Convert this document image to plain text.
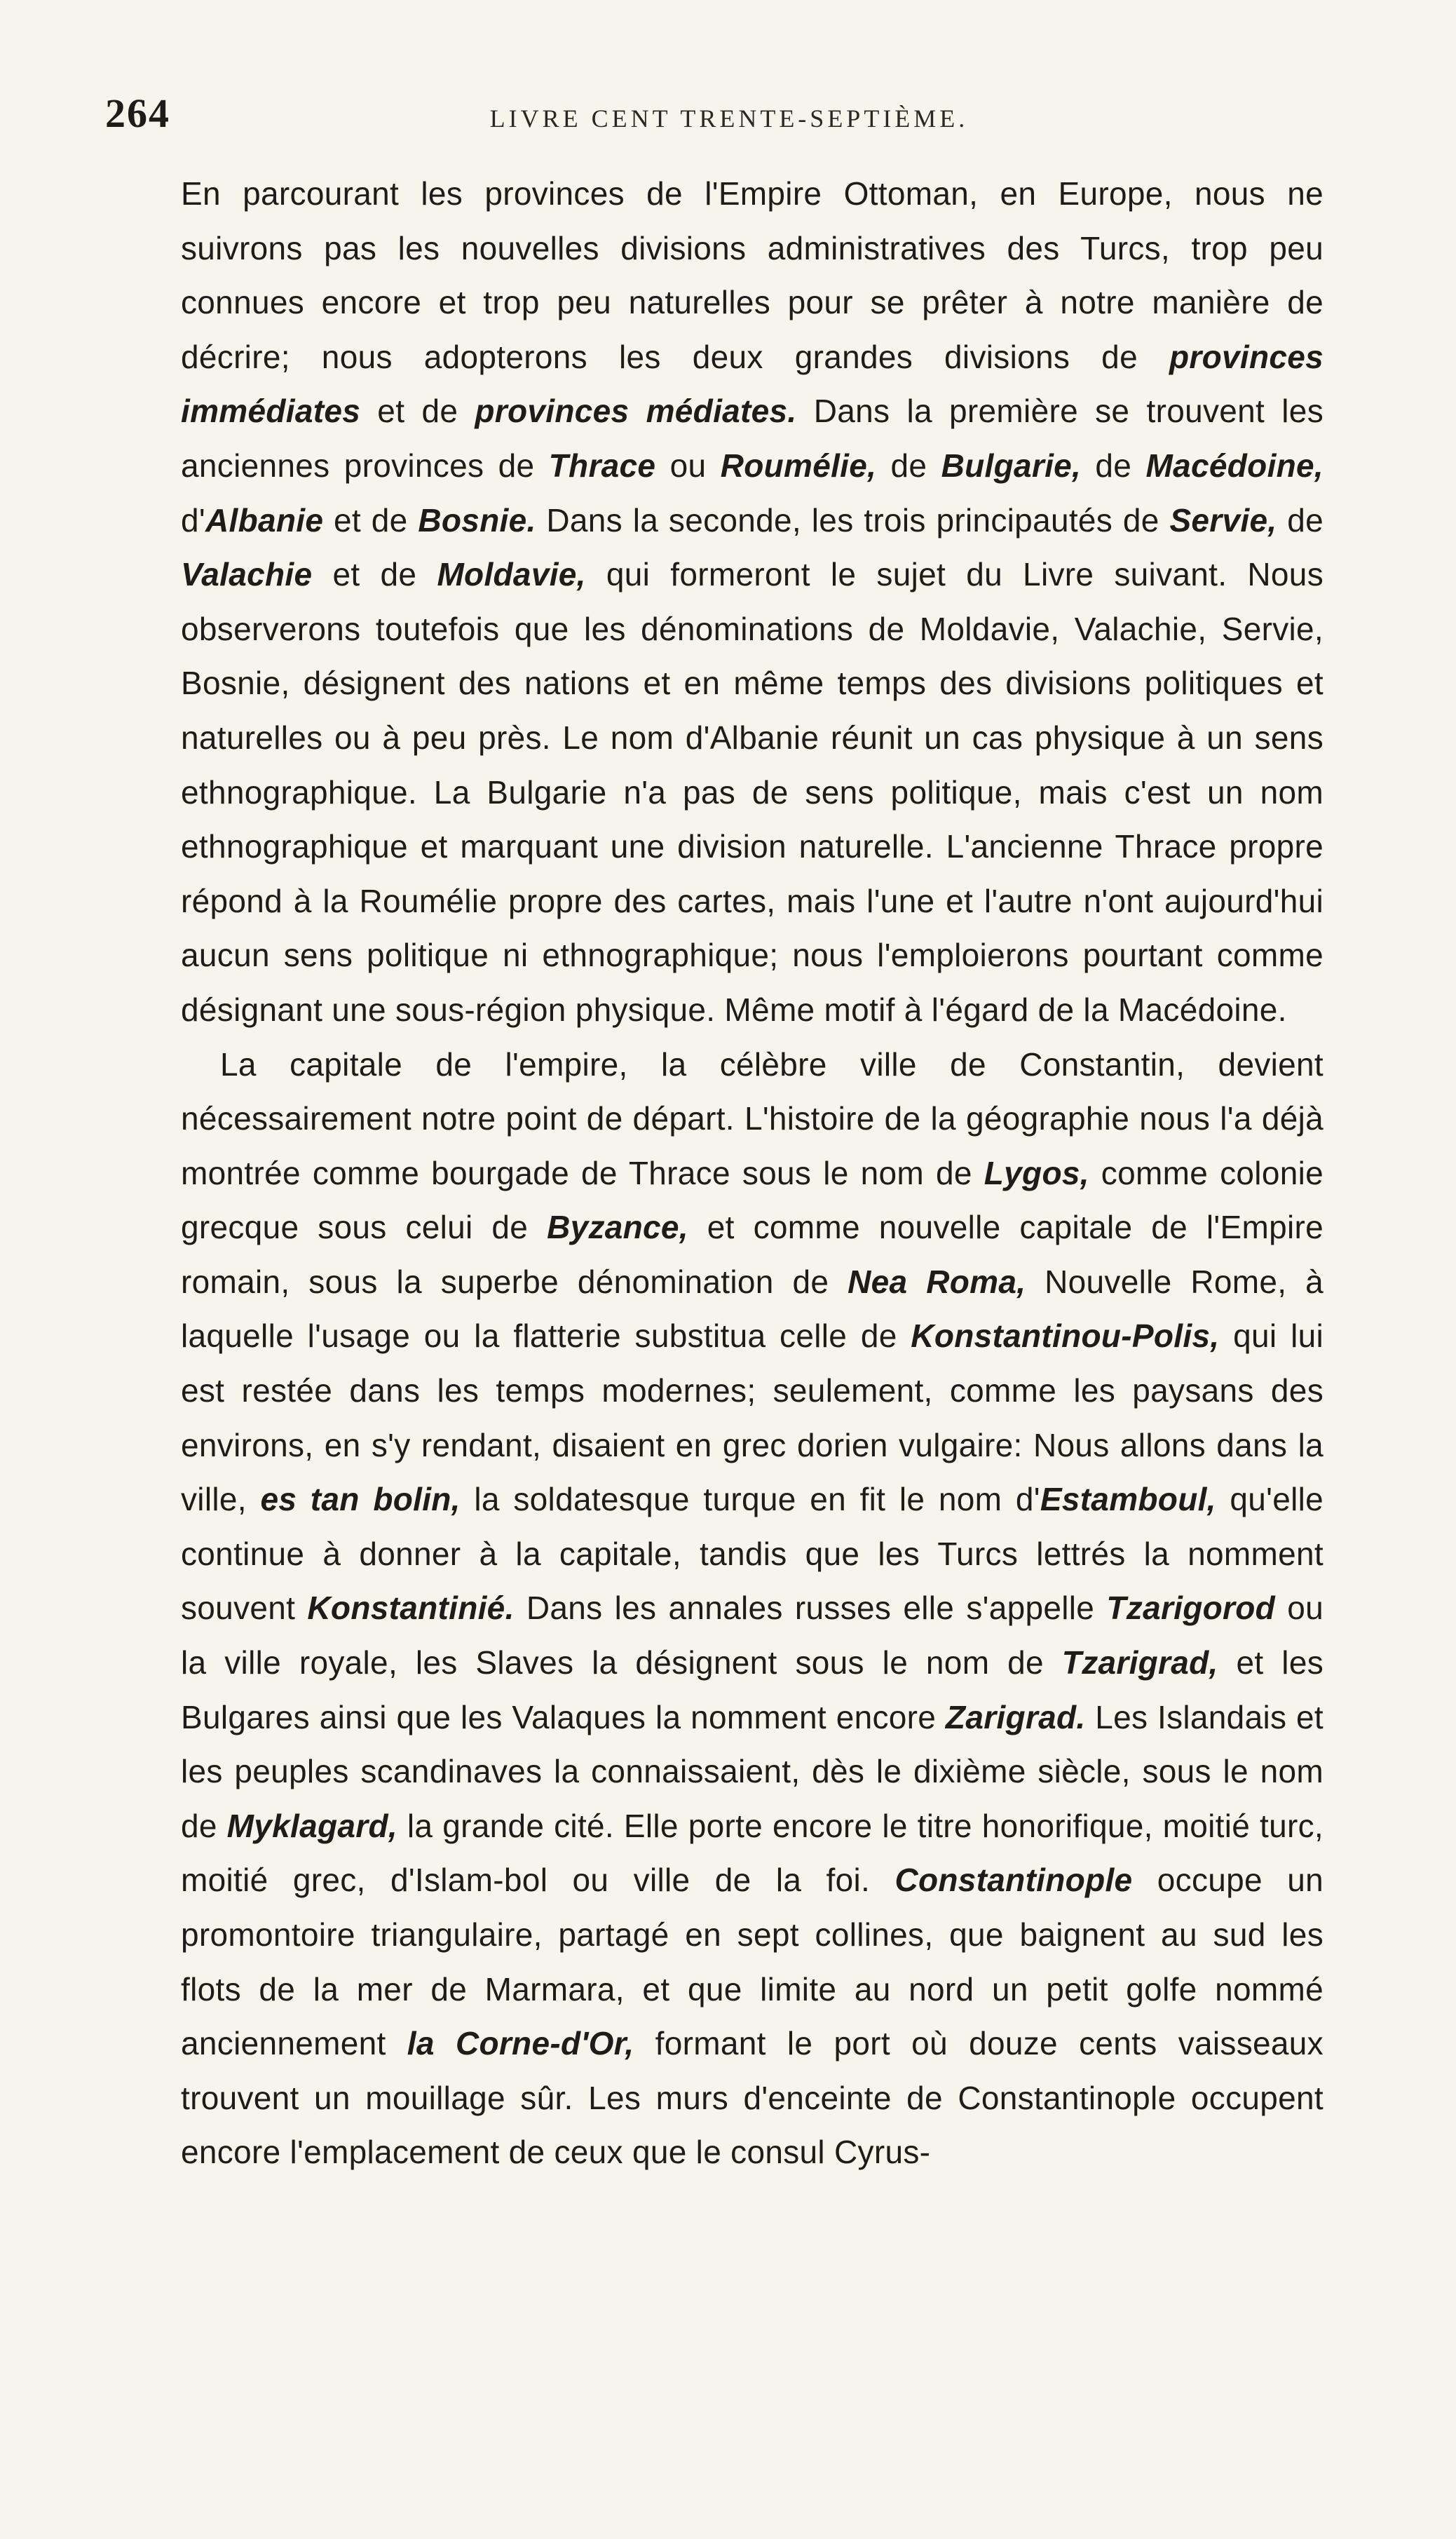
264	LIVRE CENT TRENTE-SEPTIÈME.

En parcourant les provinces de l'Empire Ottoman, en Europe, nous ne suivrons pas les nouvelles divisions administratives des Turcs, trop peu connues encore et trop peu naturelles pour se prêter à notre manière de décrire; nous adopterons les deux grandes divisions de provinces immédiates et de provinces médiates. Dans la première se trouvent les anciennes provinces de Thrace ou Roumélie, de Bulgarie, de Macédoine, d'Albanie et de Bosnie. Dans la seconde, les trois principautés de Servie, de Valachie et de Moldavie, qui formeront le sujet du Livre suivant. Nous observerons toutefois que les dénominations de Moldavie, Valachie, Servie, Bosnie, désignent des nations et en même temps des divisions politiques et naturelles ou à peu près. Le nom d'Albanie réunit un cas physique à un sens ethnographique. La Bulgarie n'a pas de sens politique, mais c'est un nom ethnographique et marquant une division naturelle. L'ancienne Thrace propre répond à la Roumélie propre des cartes, mais l'une et l'autre n'ont aujourd'hui aucun sens politique ni ethnographique; nous l'emploierons pourtant comme désignant une sous-région physique. Même motif à l'égard de la Macédoine.

La capitale de l'empire, la célèbre ville de Constantin, devient nécessairement notre point de départ. L'histoire de la géographie nous l'a déjà montrée comme bourgade de Thrace sous le nom de Lygos, comme colonie grecque sous celui de Byzance, et comme nouvelle capitale de l'Empire romain, sous la superbe dénomination de Nea Roma, Nouvelle Rome, à laquelle l'usage ou la flatterie substitua celle de Konstantinou-Polis, qui lui est restée dans les temps modernes; seulement, comme les paysans des environs, en s'y rendant, disaient en grec dorien vulgaire: Nous allons dans la ville, es tan bolin, la soldatesque turque en fit le nom d'Estamboul, qu'elle continue à donner à la capitale, tandis que les Turcs lettrés la nomment souvent Konstantinié. Dans les annales russes elle s'appelle Tzarigorod ou la ville royale, les Slaves la désignent sous le nom de Tzarigrad, et les Bulgares ainsi que les Valaques la nomment encore Zarigrad. Les Islandais et les peuples scandinaves la connaissaient, dès le dixième siècle, sous le nom de Myklagard, la grande cité. Elle porte encore le titre honorifique, moitié turc, moitié grec, d'Islam-bol ou ville de la foi. Constantinople occupe un promontoire triangulaire, partagé en sept collines, que baignent au sud les flots de la mer de Marmara, et que limite au nord un petit golfe nommé anciennement la Corne-d'Or, formant le port où douze cents vaisseaux trouvent un mouillage sûr. Les murs d'enceinte de Constantinople occupent encore l'emplacement de ceux que le consul Cyrus-
